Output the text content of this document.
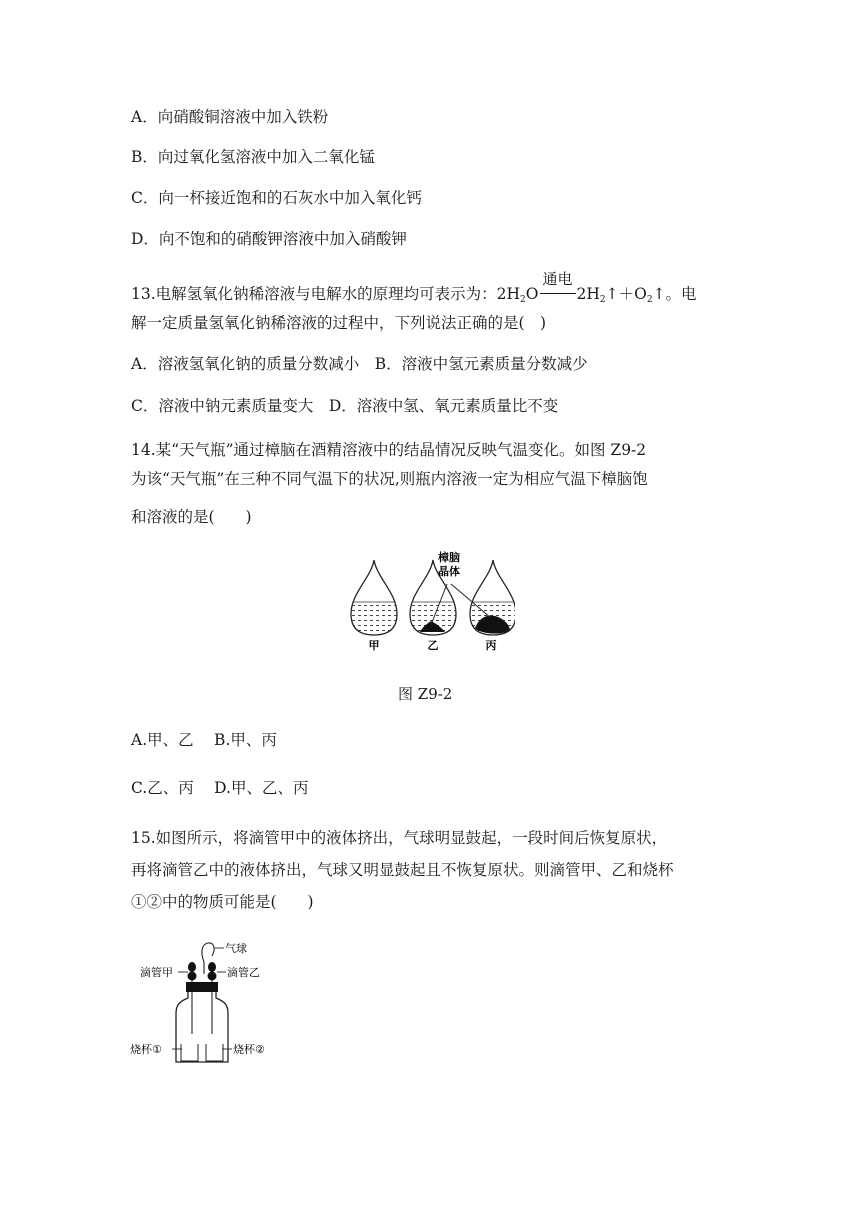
A．向硝酸铜溶液中加入铁粉
B．向过氧化氢溶液中加入二氧化锰
C．向一杯接近饱和的石灰水中加入氧化钙
D．向不饱和的硝酸钾溶液中加入硝酸钾
13.电解氢氧化钠稀溶液与电解水的原理均可表示为：$2H_2O$
通电
$2H_2↑+O_2↑$。电
解一定质量氢氧化钠稀溶液的过程中，下列说法正确的是(　)
A．溶液氢氧化钠的质量分数减小　B．溶液中氢元素质量分数减少
C．溶液中钠元素质量变大　D．溶液中氢、氧元素质量比不变
14.某“天气瓶”通过樟脑在酒精溶液中的结晶情况反映气温变化。如图 Z9-2
为该“天气瓶”在三种不同气温下的状况,则瓶内溶液一定为相应气温下樟脑饱
和溶液的是(　　)
樟脑
晶体
甲	乙	丙
图 Z9-2
A.甲、乙　 B.甲、丙
C.乙、丙　 D.甲、乙、丙
15.如图所示，将滴管甲中的液体挤出，气球明显鼓起，一段时间后恢复原状，
再将滴管乙中的液体挤出，气球又明显鼓起且不恢复原状。则滴管甲、乙和烧杯
①②中的物质可能是(　　)
气球
滴管甲	滴管乙
烧杯①	烧杯②
